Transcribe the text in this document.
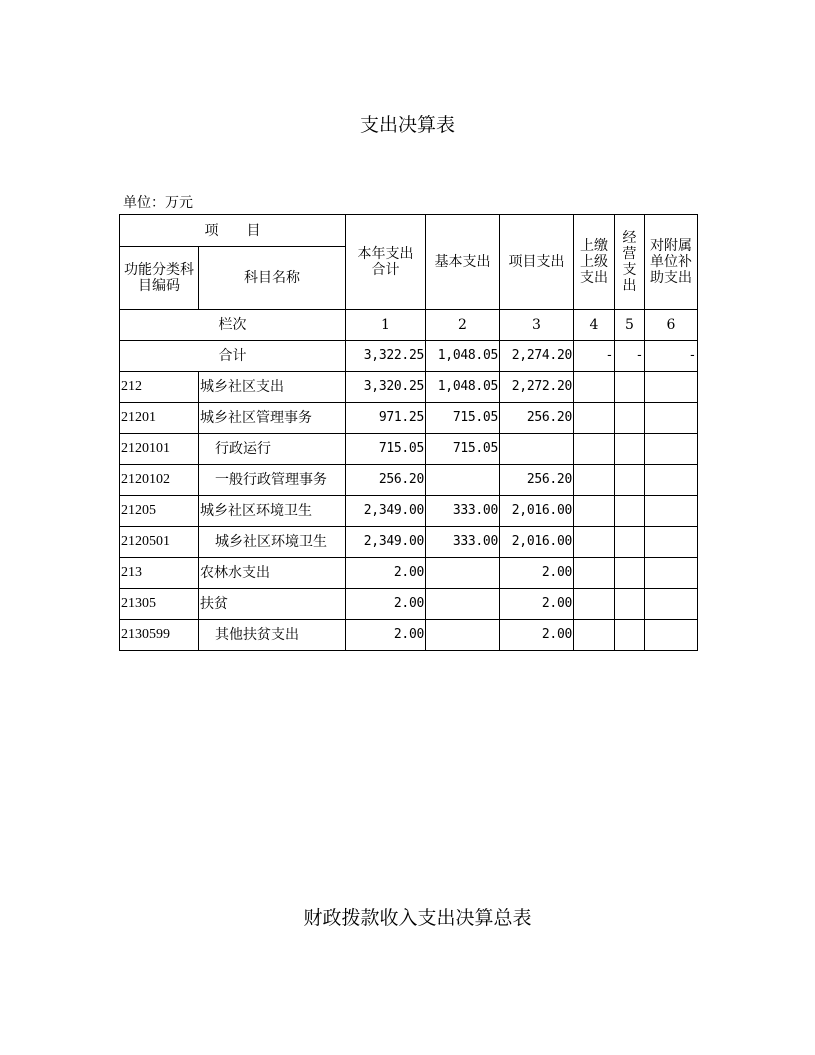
支出决算表
单位：万元
项　　目		本年支出合计	基本支出	项目支出	上缴上级支出	经营支出	对附属单位补助支出
功能分类科目编码	科目名称						
栏次		1	2	3	4	5	6
合计		3,322.25	1,048.05	2,274.20	-	-	-
212	城乡社区支出	3,320.25	1,048.05	2,272.20			
21201	城乡社区管理事务	971.25	715.05	256.20			
2120101	行政运行	715.05	715.05				
2120102	一般行政管理事务	256.20		256.20			
21205	城乡社区环境卫生	2,349.00	333.00	2,016.00			
2120501	城乡社区环境卫生	2,349.00	333.00	2,016.00			
213	农林水支出	2.00		2.00			
21305	扶贫	2.00		2.00			
2130599	其他扶贫支出	2.00		2.00			
财政拨款收入支出决算总表
